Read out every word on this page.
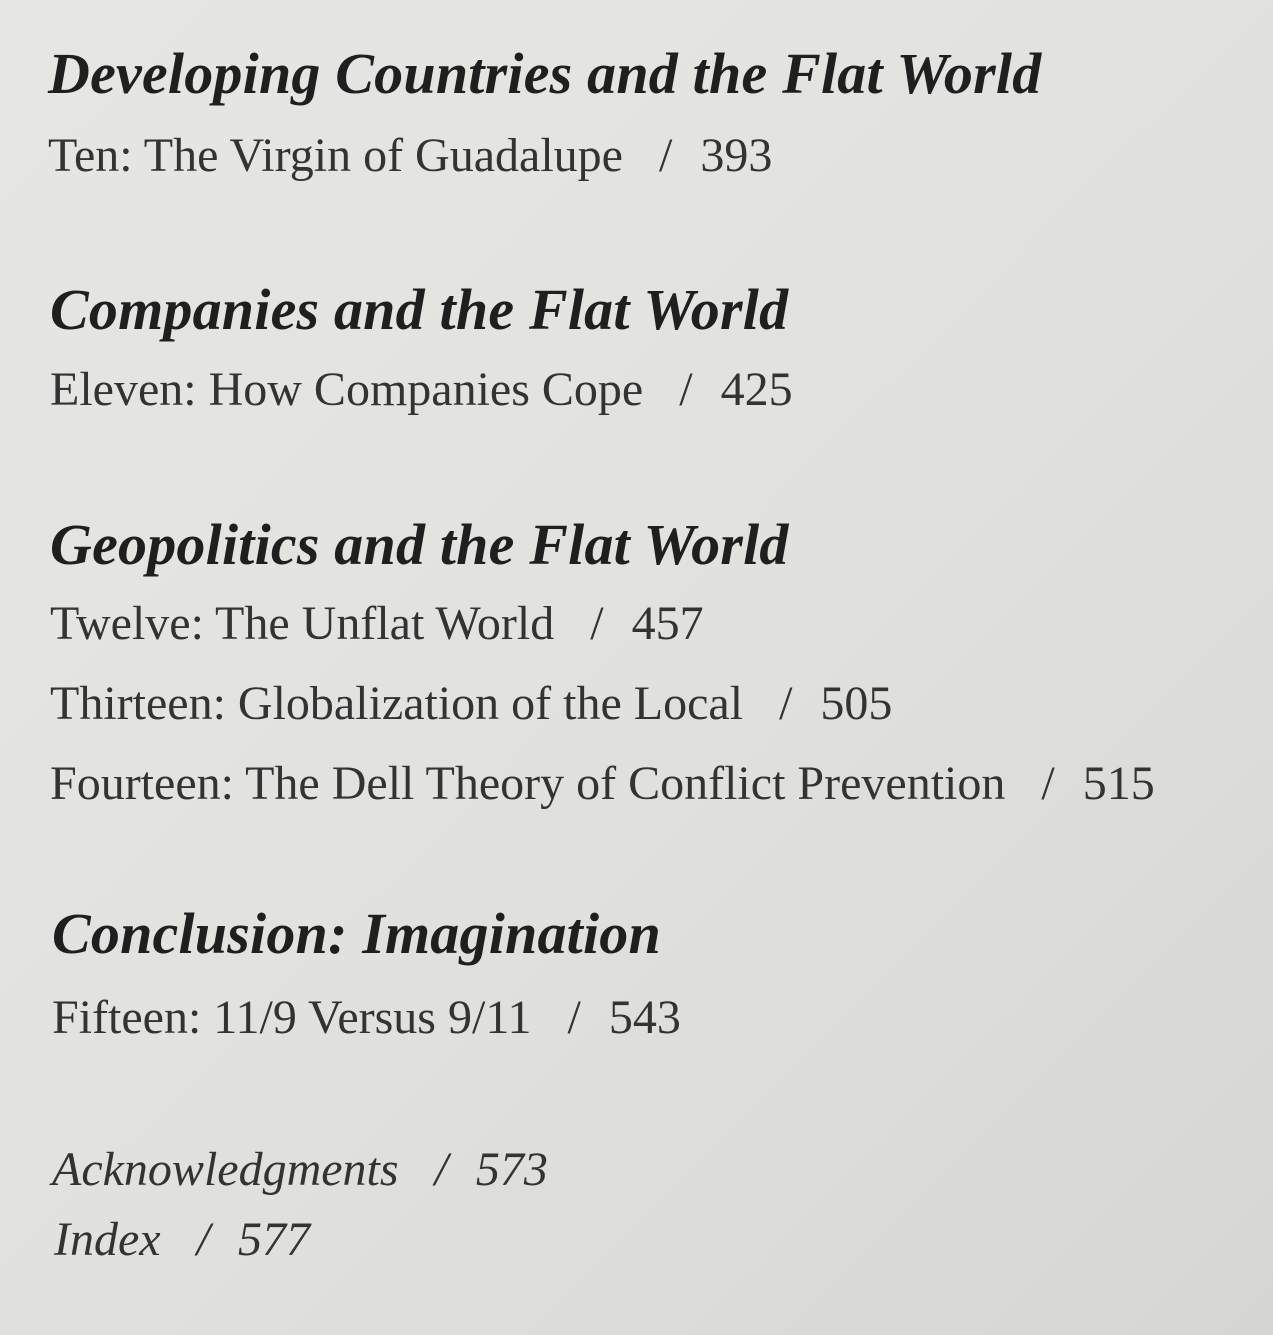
Developing Countries and the Flat World
Ten: The Virgin of Guadalupe / 393
Companies and the Flat World
Eleven: How Companies Cope / 425
Geopolitics and the Flat World
Twelve: The Unflat World / 457
Thirteen: Globalization of the Local / 505
Fourteen: The Dell Theory of Conflict Prevention / 515
Conclusion: Imagination
Fifteen: 11/9 Versus 9/11 / 543
Acknowledgments / 573
Index / 577
